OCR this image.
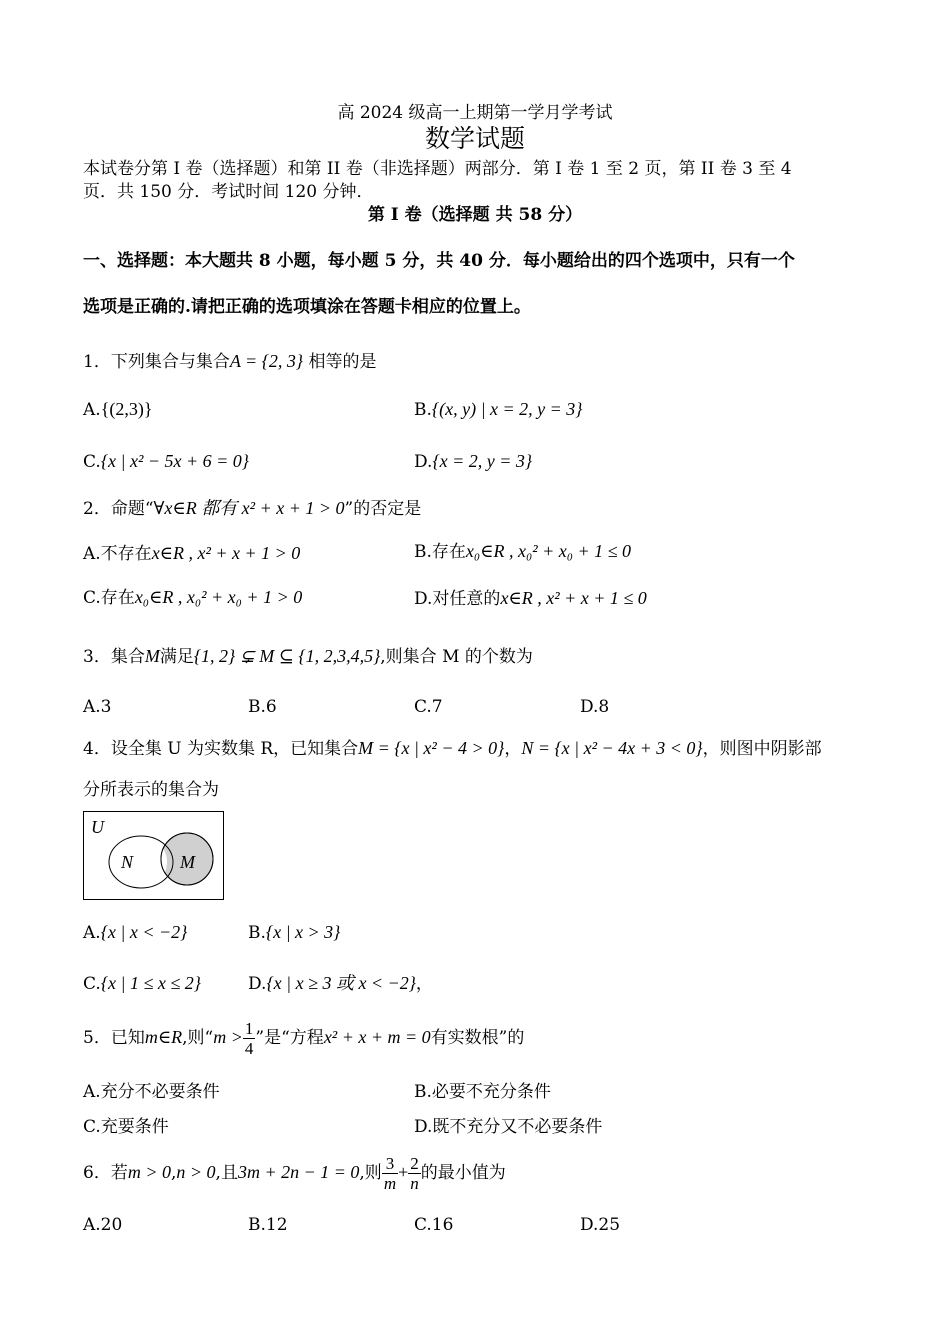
高 2024 级高一上期第一学月学考试
数学试题
本试卷分第 I 卷（选择题）和第 II 卷（非选择题）两部分．第 I 卷 1 至 2 页，第 II 卷 3 至 4
页．共 150 分．考试时间 120 分钟．
第 I 卷（选择题 共 58 分）
一、选择题：本大题共 8 小题，每小题 5 分，共 40 分．每小题给出的四个选项中，只有一个
选项是正确的.请把正确的选项填涂在答题卡相应的位置上。
1．下列集合与集合A = {2, 3} 相等的是
A.{(2,3)}	B.{(x, y) | x = 2, y = 3}
C.{x | x² − 5x + 6 = 0}	D.{x = 2, y = 3}
2．命题“∀x∈R 都有 x² + x + 1 > 0”的否定是
A.不存在x∈R , x² + x + 1 > 0	B.存在x₀∈R , x₀² + x₀ + 1 ≤ 0
C.存在x₀∈R , x₀² + x₀ + 1 > 0	D.对任意的x∈R , x² + x + 1 ≤ 0
3．集合M满足{1, 2} ⊊ M ⊆ {1, 2,3,4,5},则集合 M 的个数为
A.3	B.6	C.7	D.8
4．设全集 U 为实数集 R，已知集合M = {x | x² − 4 > 0}，N = {x | x² − 4x + 3 < 0}，则图中阴影部
分所表示的集合为
U
N	M
A.{x | x < −2}	B.{x | x > 3}
C.{x | 1 ≤ x ≤ 2}	D.{x | x ≥ 3 或 x < −2}，
5．已知m∈R,则“$m > \frac{1}{4}$ ”是“方程x² + x + m = 0有实数根”的
A.充分不必要条件	B.必要不充分条件
C.充要条件	D.既不充分又不必要条件
6．若m > 0,n > 0,且3m + 2n − 1 = 0,则 $\frac{3}{m} + \frac{2}{n}$ 的最小值为
A.20	B.12	C.16	D.25
